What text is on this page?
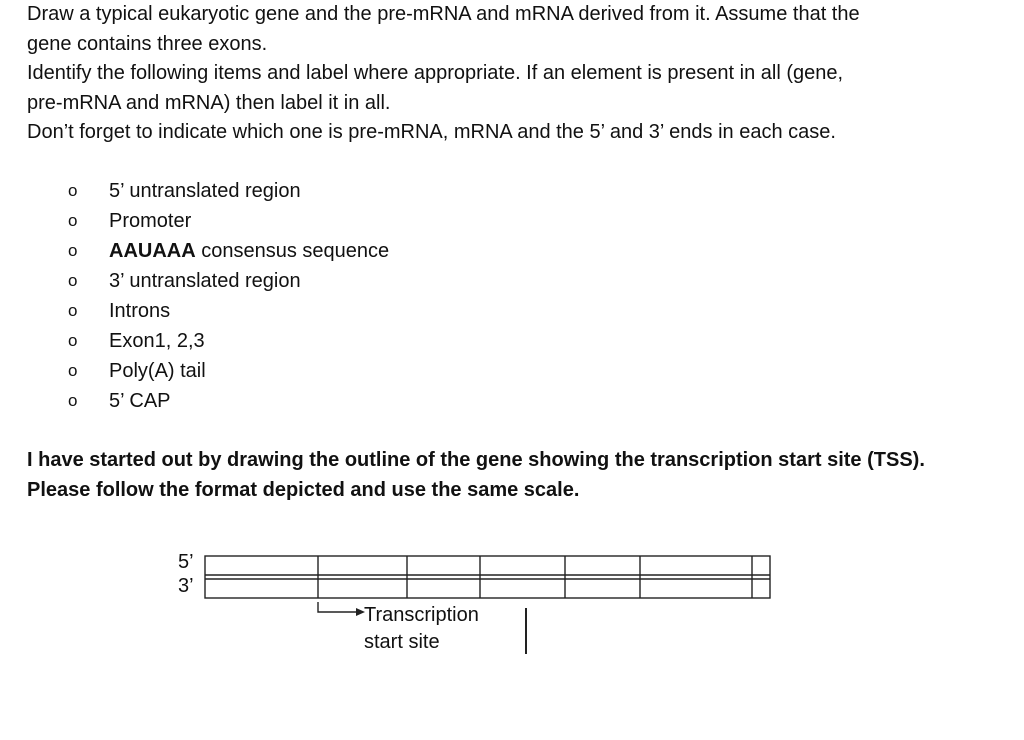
Draw a typical eukaryotic gene and the pre-mRNA and mRNA derived from it. Assume that the

gene contains three exons.

Identify the following items and label where appropriate. If an element is present in all (gene,

pre-mRNA and mRNA) then label it in all.

Don’t forget to indicate which one is pre-mRNA, mRNA and the 5’ and 3’ ends in each case.

o	5’ untranslated region
o	Promoter
o	AAUAAA consensus sequence
o	3’ untranslated region
o	Introns
o	Exon1, 2,3
o	Poly(A) tail
o	5’ CAP

I have started out by drawing the outline of the gene showing the transcription start site (TSS).

Please follow the format depicted and use the same scale.

5’
3’
Transcription
start site
